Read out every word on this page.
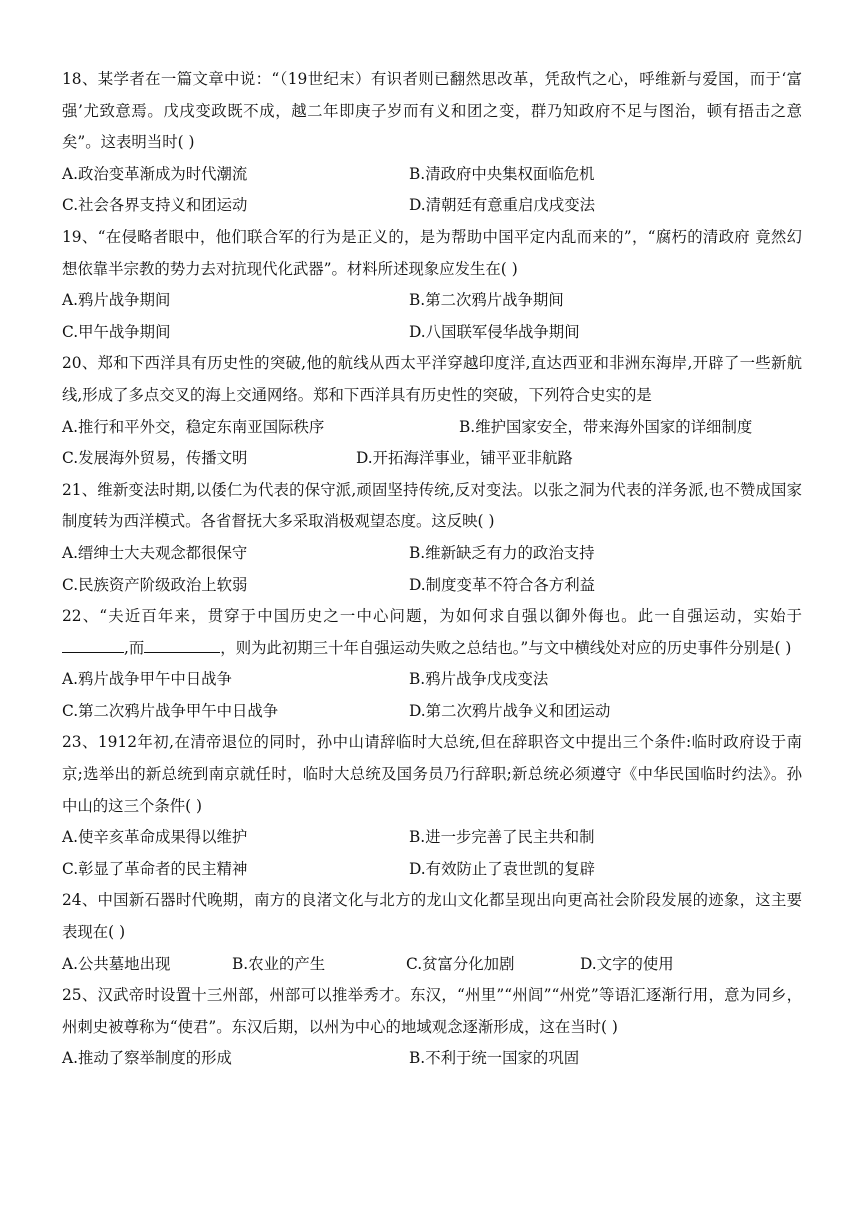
18、某学者在一篇文章中说：“（19世纪末）有识者则已翻然思改革，凭敌忾之心，呼维新与爱国，而于‘富强’尤致意焉。戊戌变政既不成，越二年即庚子岁而有义和团之变，群乃知政府不足与图治，顿有捂击之意矣”。这表明当时( )

A.政治变革渐成为时代潮流	B.清政府中央集权面临危机
C.社会各界支持义和团运动	D.清朝廷有意重启戊戌变法

19、“在侵略者眼中，他们联合军的行为是正义的，是为帮助中国平定内乱而来的”，“腐朽的清政府 竟然幻想依靠半宗教的势力去对抗现代化武器”。材料所述现象应发生在( )

A.鸦片战争期间	B.第二次鸦片战争期间
C.甲午战争期间	D.八国联军侵华战争期间

20、郑和下西洋具有历史性的突破,他的航线从西太平洋穿越印度洋,直达西亚和非洲东海岸,开辟了一些新航线,形成了多点交叉的海上交通网络。郑和下西洋具有历史性的突破，下列符合史实的是

A.推行和平外交，稳定东南亚国际秩序	B.维护国家安全，带来海外国家的详细制度
C.发展海外贸易，传播文明	D.开拓海洋事业，铺平亚非航路

21、维新变法时期,以倭仁为代表的保守派,顽固坚持传统,反对变法。以张之洞为代表的洋务派,也不赞成国家制度转为西洋模式。各省督抚大多采取消极观望态度。这反映( )

A.缙绅士大夫观念都很保守	B.维新缺乏有力的政治支持
C.民族资产阶级政治上软弱	D.制度变革不符合各方利益

22、“夫近百年来，贯穿于中国历史之一中心问题，为如何求自强以御外侮也。此一自强运动，实始于,而	，则为此初期三十年自强运动失败之总结也。”与文中横线处对应的历史事件分别是( )

A.鸦片战争甲午中日战争	B.鸦片战争戊戌变法
C.第二次鸦片战争甲午中日战争	D.第二次鸦片战争义和团运动

23、1912年初,在清帝退位的同时，孙中山请辞临时大总统,但在辞职咨文中提出三个条件:临时政府设于南京;选举出的新总统到南京就任时，临时大总统及国务员乃行辞职;新总统必须遵守《中华民国临时约法》。孙中山的这三个条件( )

A.使辛亥革命成果得以维护	B.进一步完善了民主共和制
C.彰显了革命者的民主精神	D.有效防止了袁世凯的复辟

24、中国新石器时代晚期，南方的良渚文化与北方的龙山文化都呈现出向更高社会阶段发展的迹象，这主要表现在( )

A.公共墓地出现	B.农业的产生	C.贫富分化加剧	D.文字的使用

25、汉武帝时设置十三州部，州部可以推举秀才。东汉，“州里”“州闾”“州党”等语汇逐渐行用，意为同乡，州刺史被尊称为“使君”。东汉后期，以州为中心的地域观念逐渐形成，这在当时( )

A.推动了察举制度的形成	B.不利于统一国家的巩固
